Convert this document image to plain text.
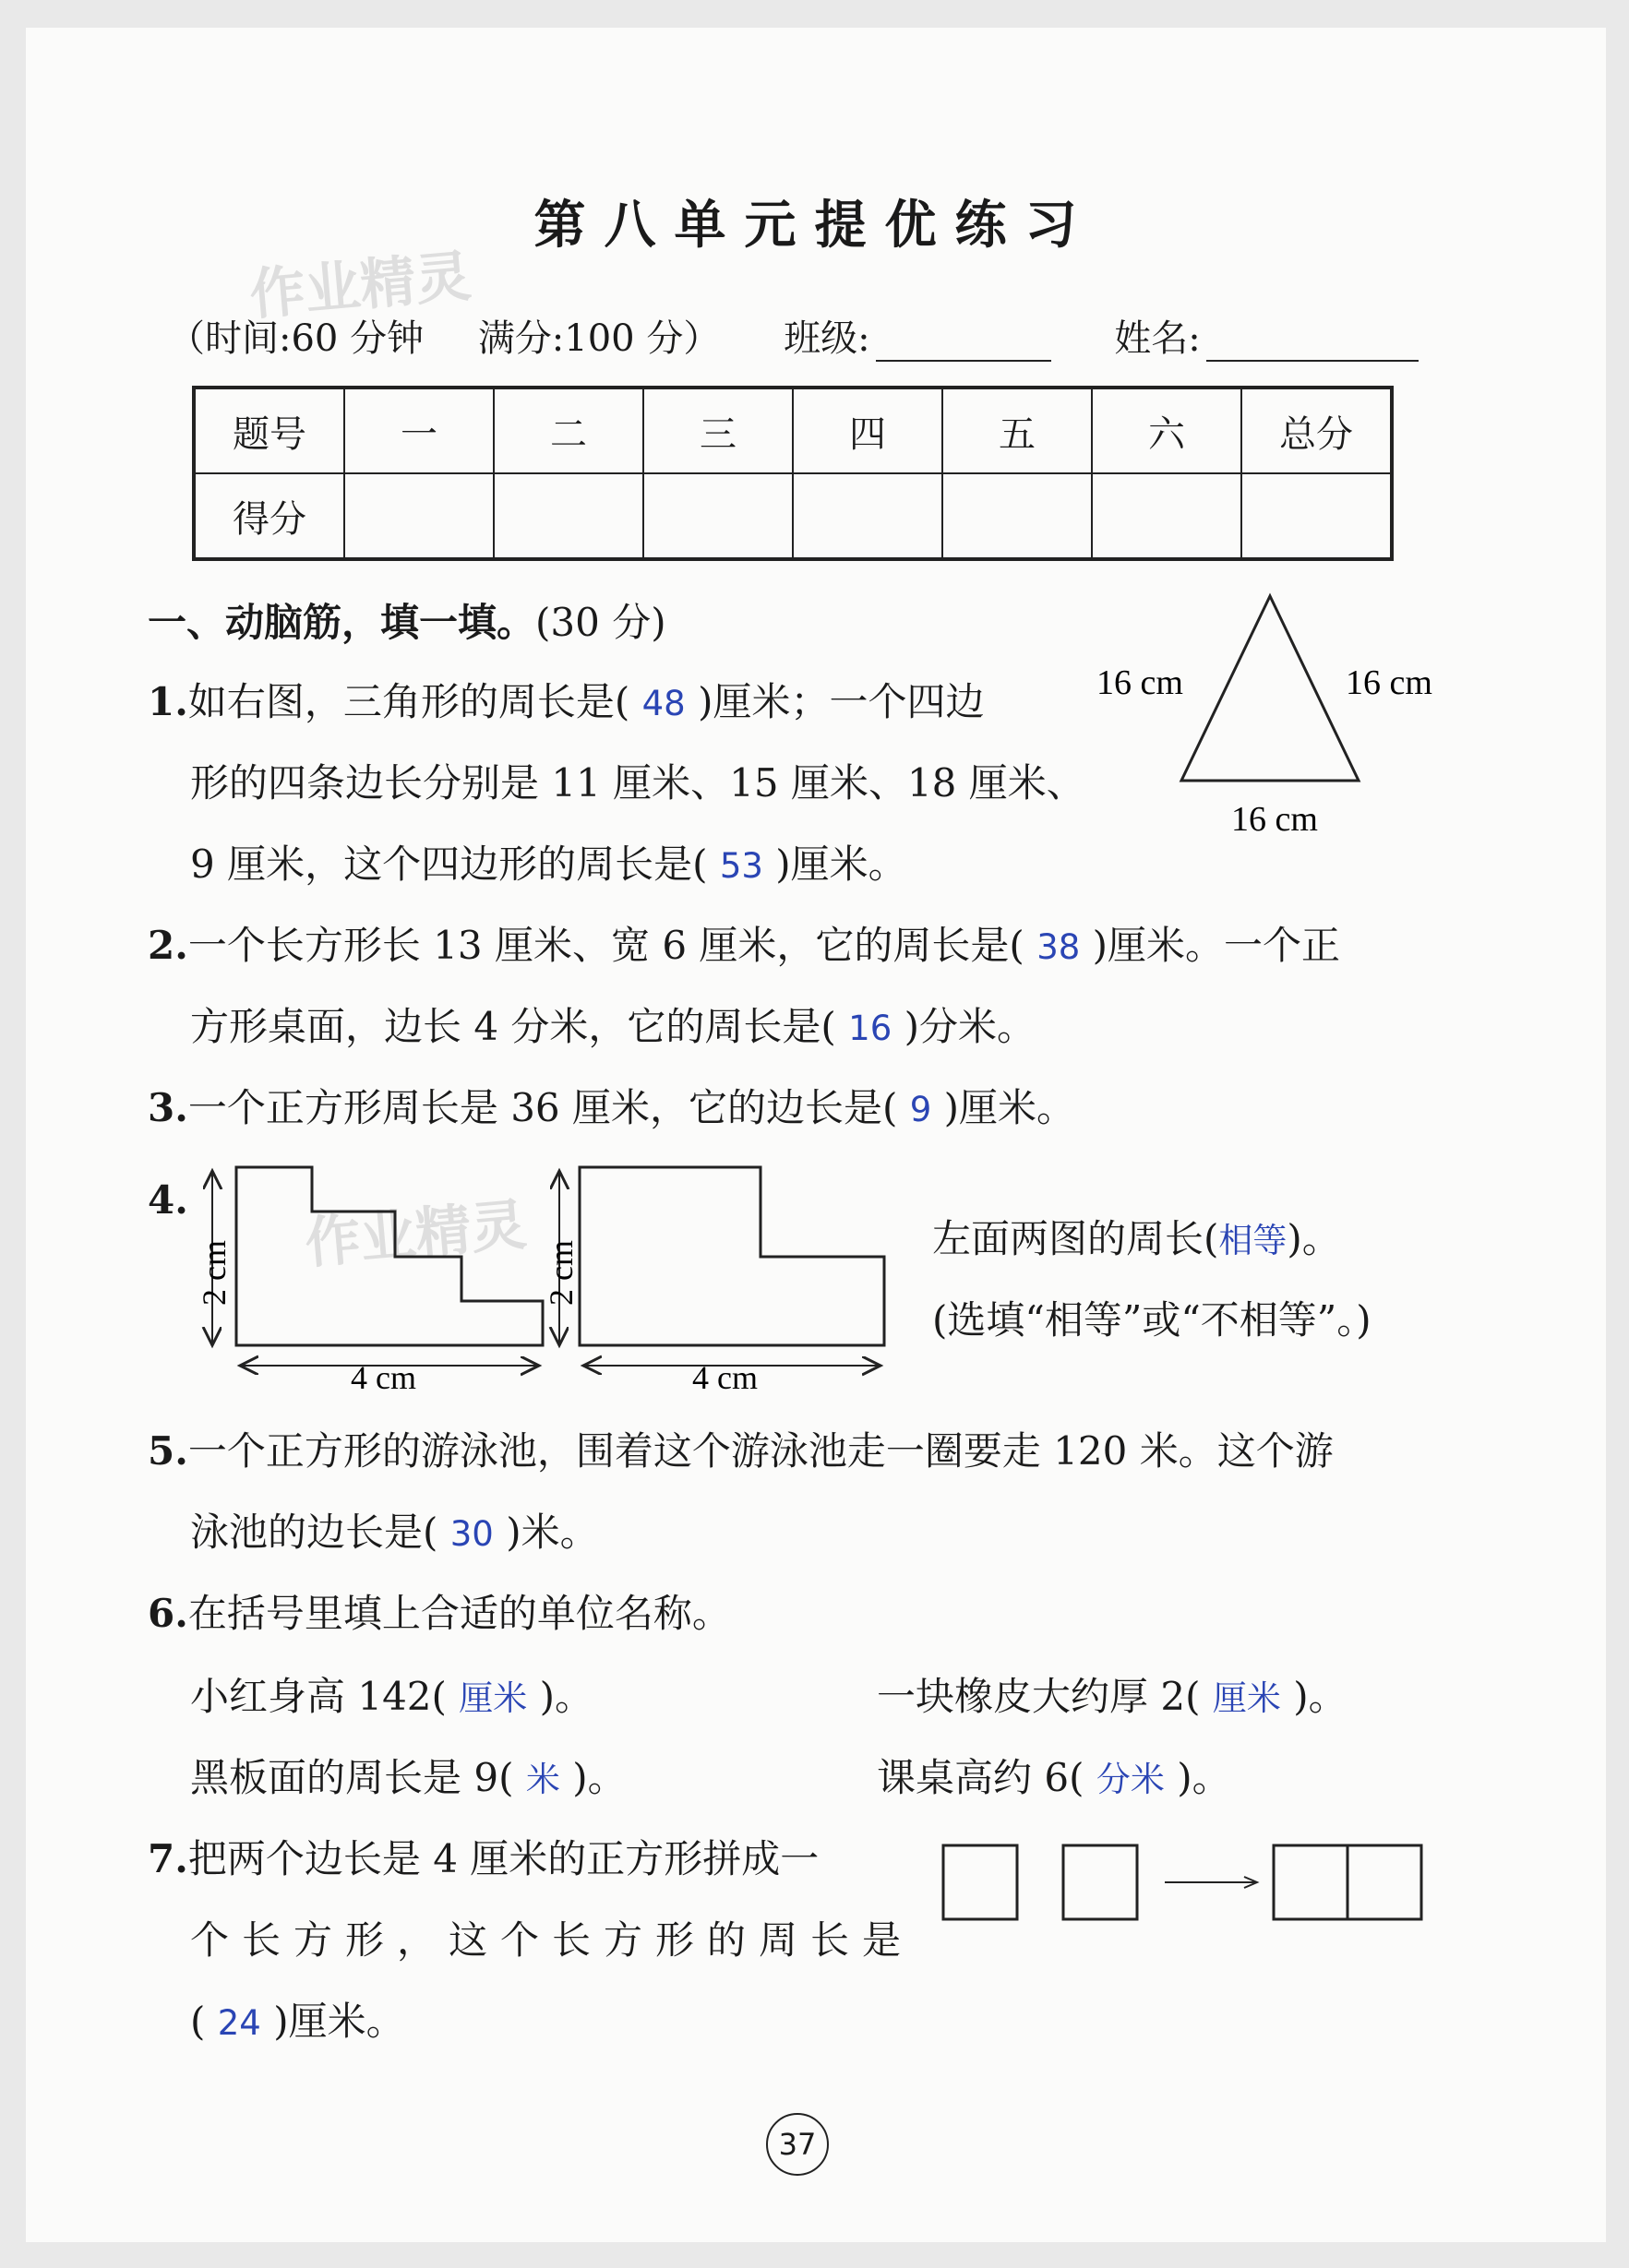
作业精灵
作业精灵
第八单元提优练习
（时间:60 分钟 满分:100 分） 班级:	姓名:
题号	一	二	三	四	五	六	总分
得分							
一、动脑筋，填一填。(30 分)
1.如右图，三角形的周长是( 48 )厘米；一个四边
形的四条边长分别是 11 厘米、15 厘米、18 厘米、
9 厘米，这个四边形的周长是( 53 )厘米。
16 cm	16 cm
16 cm
2.一个长方形长 13 厘米、宽 6 厘米，它的周长是( 38 )厘米。一个正
方形桌面，边长 4 分米，它的周长是( 16 )分米。
3.一个正方形周长是 36 厘米，它的边长是( 9 )厘米。
4.
2 cm
4 cm
2 cm
4 cm
左面两图的周长(相等)。
(选填“相等”或“不相等”。)
5.一个正方形的游泳池，围着这个游泳池走一圈要走 120 米。这个游
泳池的边长是( 30 )米。
6.在括号里填上合适的单位名称。
小红身高 142( 厘米 )。	一块橡皮大约厚 2( 厘米 )。
黑板面的周长是 9( 米 )。	课桌高约 6( 分米 )。
7.把两个边长是 4 厘米的正方形拼成一
个长方形，这个长方形的周长是
( 24 )厘米。
37
